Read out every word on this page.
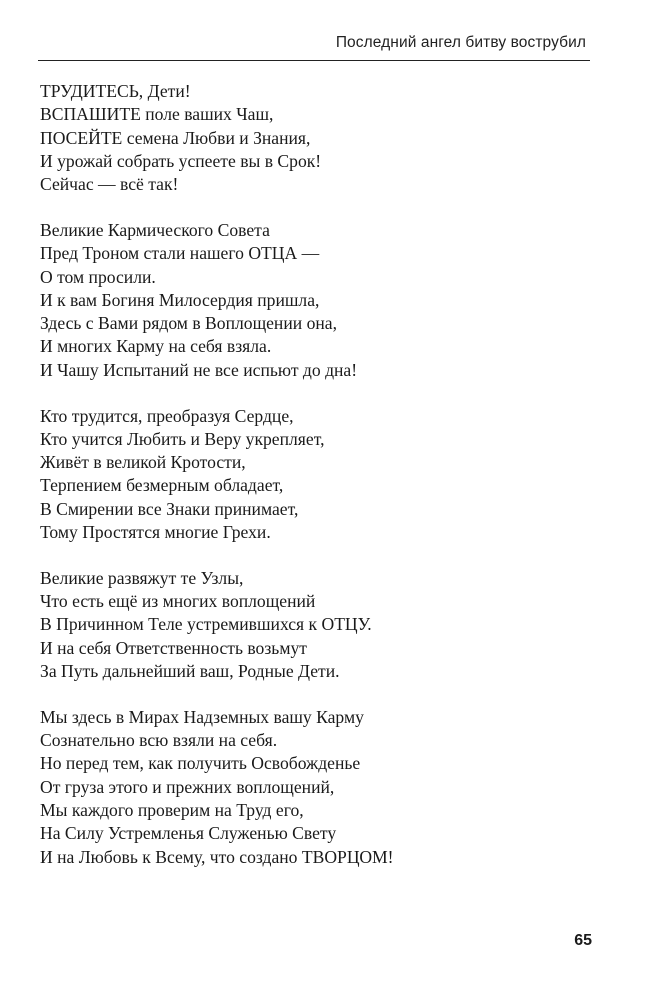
Последний ангел битву вострубил
ТРУДИТЕСЬ, Дети!
ВСПАШИТЕ поле ваших Чаш,
ПОСЕЙТЕ семена Любви и Знания,
И урожай собрать успеете вы в Срок!
Сейчас — всё так!
Великие Кармического Совета
Пред Троном стали нашего ОТЦА —
О том просили.
И к вам Богиня Милосердия пришла,
Здесь с Вами рядом в Воплощении она,
И многих Карму на себя взяла.
И Чашу Испытаний не все испьют до дна!
Кто трудится, преобразуя Сердце,
Кто учится Любить и Веру укрепляет,
Живёт в великой Кротости,
Терпением безмерным обладает,
В Смирении все Знаки принимает,
Тому Простятся многие Грехи.
Великие развяжут те Узлы,
Что есть ещё из многих воплощений
В Причинном Теле устремившихся к ОТЦУ.
И на себя Ответственность возьмут
За Путь дальнейший ваш, Родные Дети.
Мы здесь в Мирах Надземных вашу Карму
Сознательно всю взяли на себя.
Но перед тем, как получить Освобожденье
От груза этого и прежних воплощений,
Мы каждого проверим на Труд его,
На Силу Устремленья Служенью Свету
И на Любовь к Всему, что создано ТВОРЦОМ!
65
